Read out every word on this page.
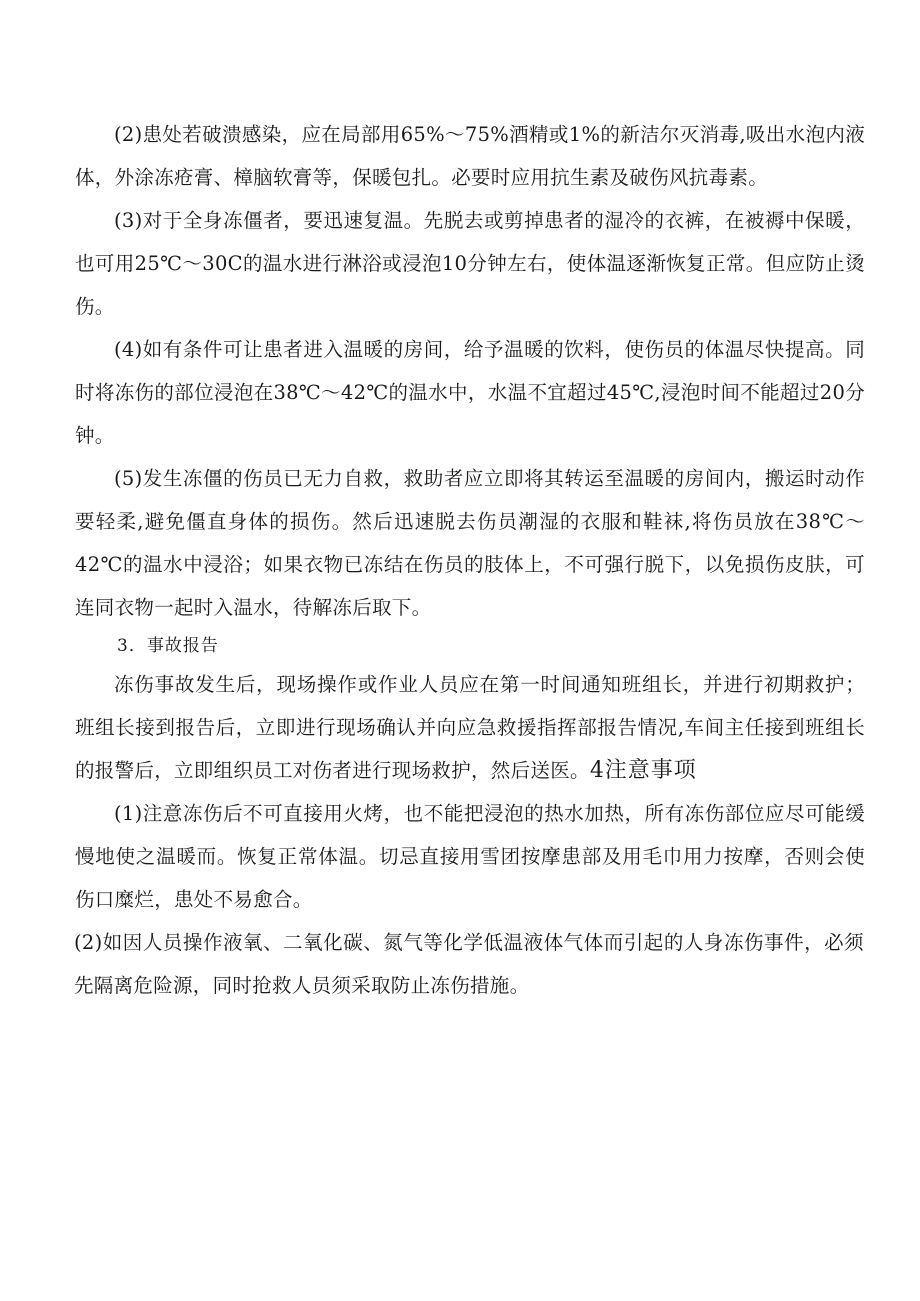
(2)患处若破溃感染，应在局部用65%～75%酒精或1%的新洁尔灭消毒,吸出水泡内液体，外涂冻疮膏、樟脑软膏等，保暖包扎。必要时应用抗生素及破伤风抗毒素。

(3)对于全身冻僵者，要迅速复温。先脱去或剪掉患者的湿冷的衣裤，在被褥中保暖，也可用25℃～30C的温水进行淋浴或浸泡10分钟左右，使体温逐渐恢复正常。但应防止烫伤。

(4)如有条件可让患者进入温暖的房间，给予温暖的饮料，使伤员的体温尽快提高。同时将冻伤的部位浸泡在38℃～42℃的温水中，水温不宜超过45℃,浸泡时间不能超过20分钟。

(5)发生冻僵的伤员已无力自救，救助者应立即将其转运至温暖的房间内，搬运时动作要轻柔,避免僵直身体的损伤。然后迅速脱去伤员潮湿的衣服和鞋袜,将伤员放在38℃～42℃的温水中浸浴；如果衣物已冻结在伤员的肢体上，不可强行脱下，以免损伤皮肤，可连同衣物一起时入温水，待解冻后取下。

3．事故报告

冻伤事故发生后，现场操作或作业人员应在第一时间通知班组长，并进行初期救护；班组长接到报告后，立即进行现场确认并向应急救援指挥部报告情况,车间主任接到班组长的报警后，立即组织员工对伤者进行现场救护，然后送医。4注意事项

(1)注意冻伤后不可直接用火烤，也不能把浸泡的热水加热，所有冻伤部位应尽可能缓慢地使之温暖而。恢复正常体温。切忌直接用雪团按摩患部及用毛巾用力按摩，否则会使伤口糜烂，患处不易愈合。

(2)如因人员操作液氧、二氧化碳、氮气等化学低温液体气体而引起的人身冻伤事件，必须先隔离危险源，同时抢救人员须采取防止冻伤措施。
